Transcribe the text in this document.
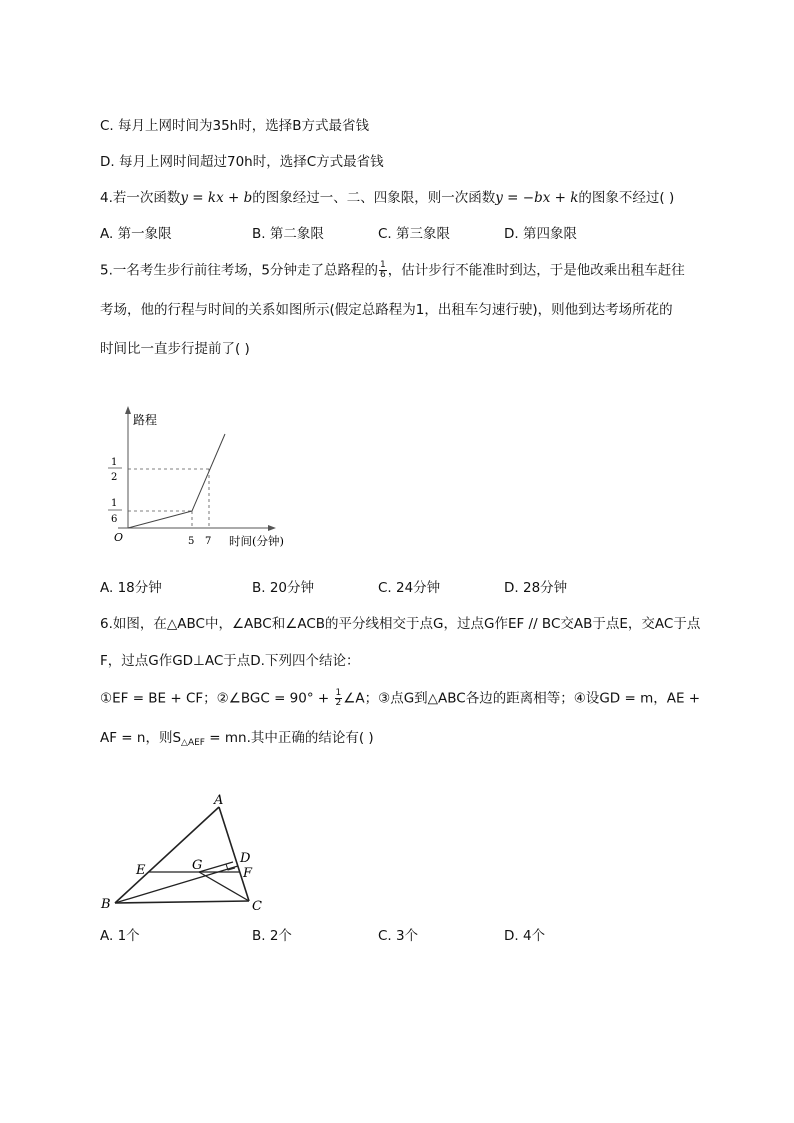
C. 每月上网时间为35h时，选择B方式最省钱
D. 每月上网时间超过70h时，选择C方式最省钱
4.若一次函数y = kx + b的图象经过一、二、四象限，则一次函数y = −bx + k的图象不经过( )
A. 第一象限	B. 第二象限	C. 第三象限	D. 第四象限
5.一名考生步行前往考场，5分钟走了总路程的 $\frac{1}{6}$ ，估计步行不能准时到达，于是他改乘出租车赶往
考场，他的行程与时间的关系如图所示(假定总路程为1，出租车匀速行驶)，则他到达考场所花的
时间比一直步行提前了( )
路程
时间(分钟)
O	5 7
1
2
1
6
A. 18分钟	B. 20分钟	C. 24分钟	D. 28分钟
6.如图，在△ABC中，∠ABC和∠ACB的平分线相交于点G，过点G作EF // BC交AB于点E，交AC于点
F，过点G作GD⊥AC于点D.下列四个结论：
①EF = BE + CF；②∠BGC = $90^\circ + \frac{1}{2}$ ∠A；③点G到△ABC各边的距离相等；④设GD = m，AE +
AF = n，则$S_{\triangle AEF}$ = mn.其中正确的结论有( )
A
B	C
D
E	F
G
A. 1个	B. 2个	C. 3个	D. 4个
